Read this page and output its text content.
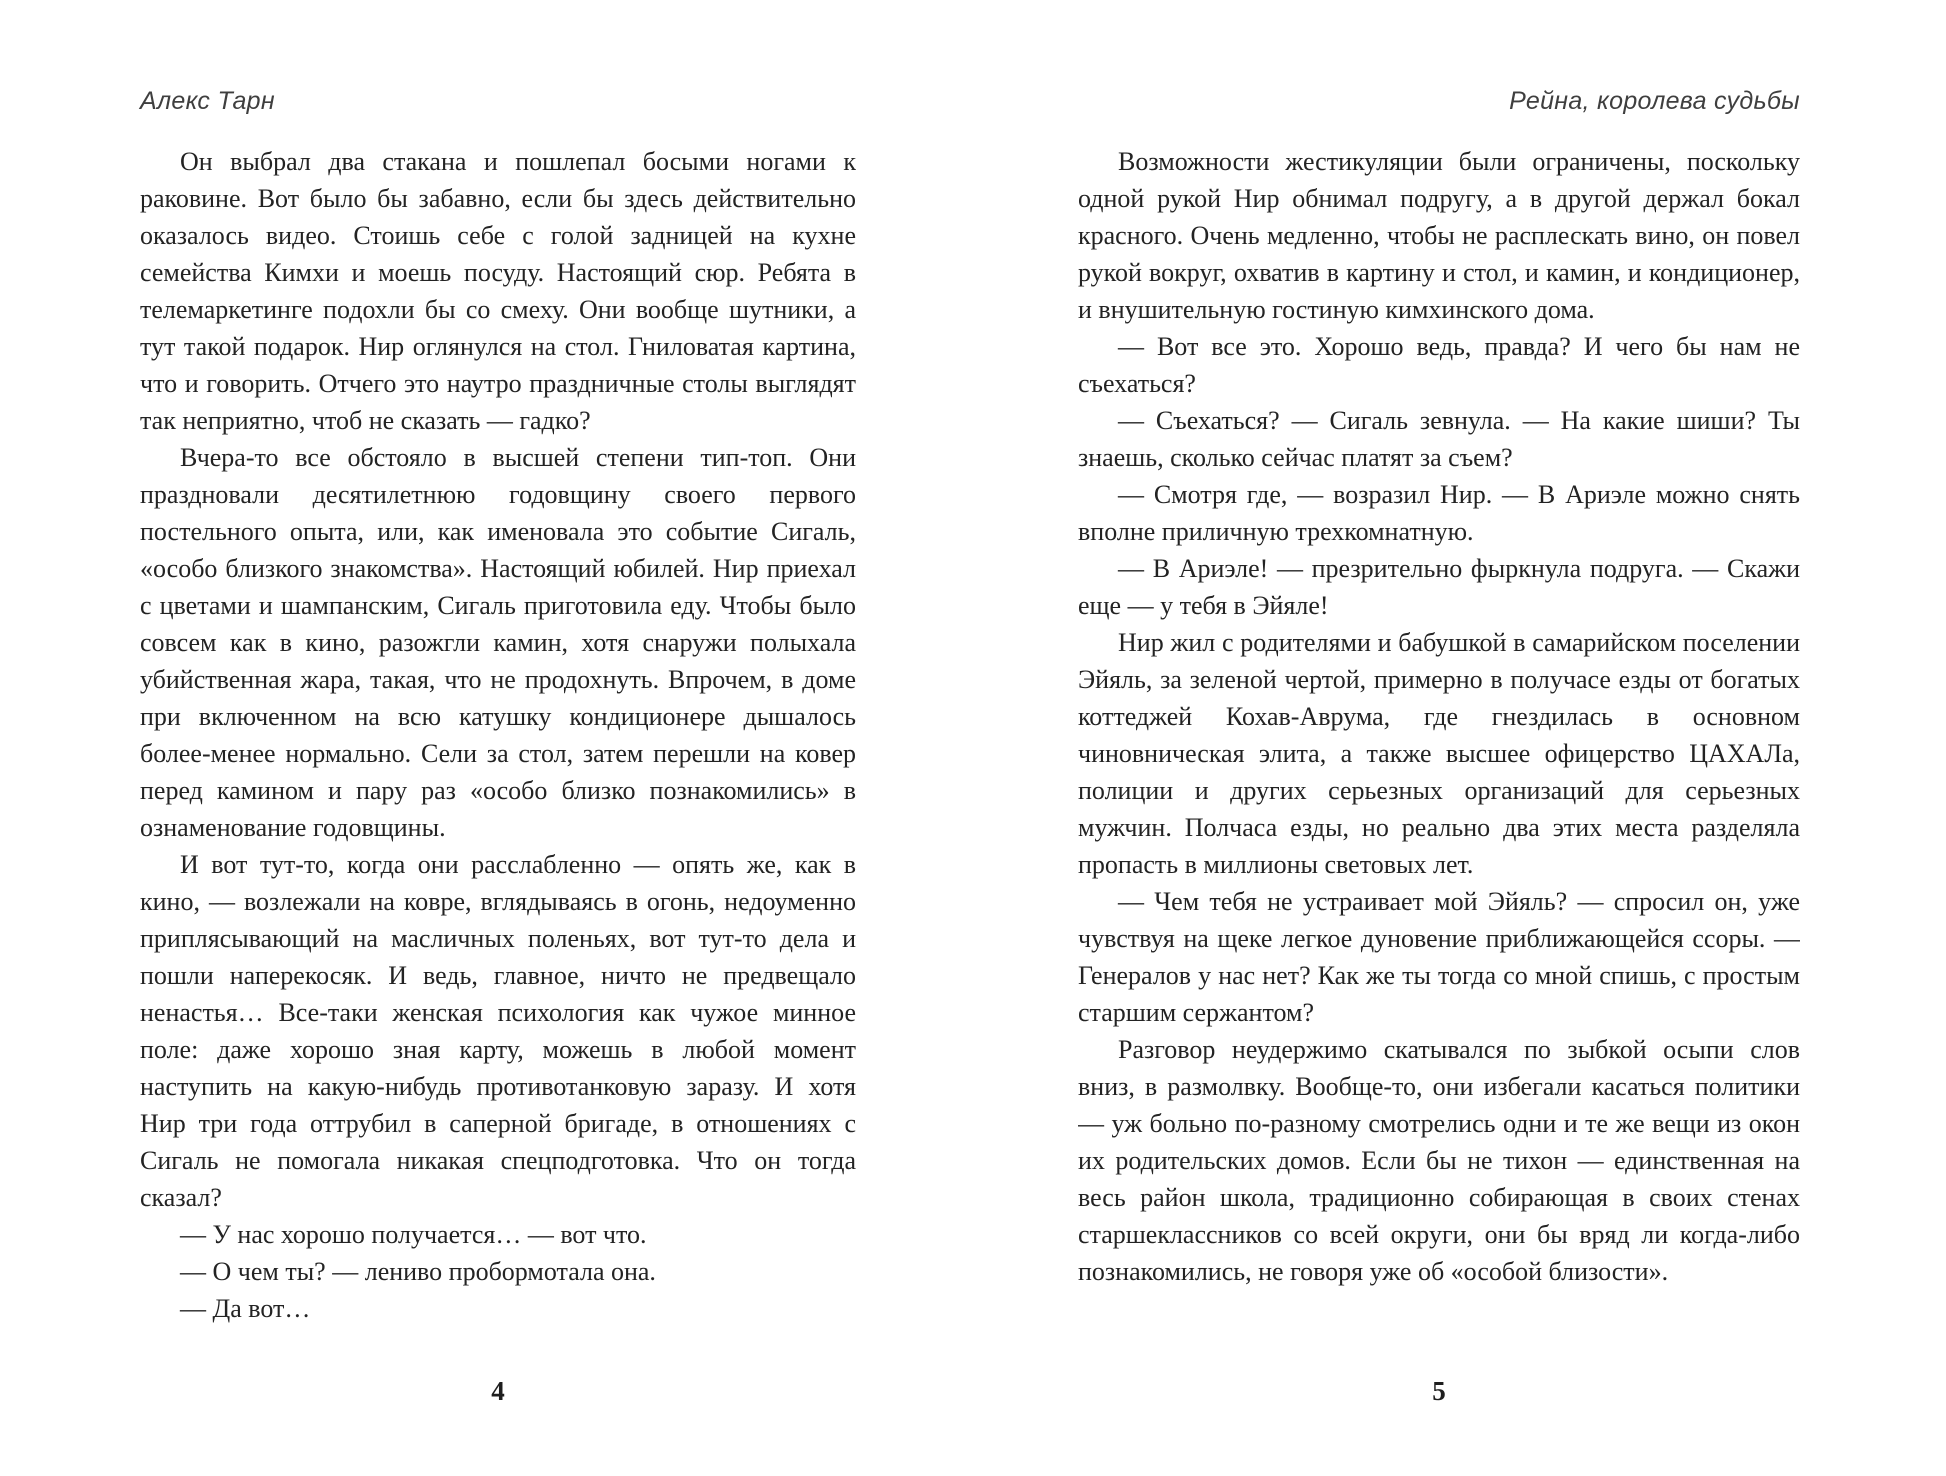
Алекс Тарн

Он выбрал два стакана и пошлепал босыми ногами к раковине. Вот было бы забавно, если бы здесь действительно оказалось видео. Стоишь себе с голой задницей на кухне семейства Кимхи и моешь посуду. Настоящий сюр. Ребята в телемаркетинге подохли бы со смеху. Они вообще шутники, а тут такой подарок. Нир оглянулся на стол. Гниловатая картина, что и говорить. Отчего это наутро праздничные столы выглядят так неприятно, чтоб не сказать — гадко?

Вчера-то все обстояло в высшей степени тип-топ. Они праздновали десятилетнюю годовщину своего первого постельного опыта, или, как именовала это событие Сигаль, «особо близкого знакомства». Настоящий юбилей. Нир приехал с цветами и шампанским, Сигаль приготовила еду. Чтобы было совсем как в кино, разожгли камин, хотя снаружи полыхала убийственная жара, такая, что не продохнуть. Впрочем, в доме при включенном на всю катушку кондиционере дышалось более-менее нормально. Сели за стол, затем перешли на ковер перед камином и пару раз «особо близко познакомились» в ознаменование годовщины.

И вот тут-то, когда они расслабленно — опять же, как в кино, — возлежали на ковре, вглядываясь в огонь, недоуменно приплясывающий на масличных поленьях, вот тут-то дела и пошли наперекосяк. И ведь, главное, ничто не предвещало ненастья… Все-таки женская психология как чужое минное поле: даже хорошо зная карту, можешь в любой момент наступить на какую-нибудь противотанковую заразу. И хотя Нир три года оттрубил в саперной бригаде, в отношениях с Сигаль не помогала никакая спецподготовка. Что он тогда сказал?

— У нас хорошо получается… — вот что.

— О чем ты? — лениво пробормотала она.

— Да вот…

4
Рейна, королева судьбы

Возможности жестикуляции были ограничены, поскольку одной рукой Нир обнимал подругу, а в другой держал бокал красного. Очень медленно, чтобы не расплескать вино, он повел рукой вокруг, охватив в картину и стол, и камин, и кондиционер, и внушительную гостиную кимхинского дома.

— Вот все это. Хорошо ведь, правда? И чего бы нам не съехаться?

— Съехаться? — Сигаль зевнула. — На какие шиши? Ты знаешь, сколько сейчас платят за съем?

— Смотря где, — возразил Нир. — В Ариэле можно снять вполне приличную трехкомнатную.

— В Ариэле! — презрительно фыркнула подруга. — Скажи еще — у тебя в Эйяле!

Нир жил с родителями и бабушкой в самарийском поселении Эйяль, за зеленой чертой, примерно в получасе езды от богатых коттеджей Кохав-Аврума, где гнездилась в основном чиновническая элита, а также высшее офицерство ЦАХАЛа, полиции и других серьезных организаций для серьезных мужчин. Полчаса езды, но реально два этих места разделяла пропасть в миллионы световых лет.

— Чем тебя не устраивает мой Эйяль? — спросил он, уже чувствуя на щеке легкое дуновение приближающейся ссоры. — Генералов у нас нет? Как же ты тогда со мной спишь, с простым старшим сержантом?

Разговор неудержимо скатывался по зыбкой осыпи слов вниз, в размолвку. Вообще-то, они избегали касаться политики — уж больно по-разному смотрелись одни и те же вещи из окон их родительских домов. Если бы не тихон — единственная на весь район школа, традиционно собирающая в своих стенах старшеклассников со всей округи, они бы вряд ли когда-либо познакомились, не говоря уже об «особой близости».

5
